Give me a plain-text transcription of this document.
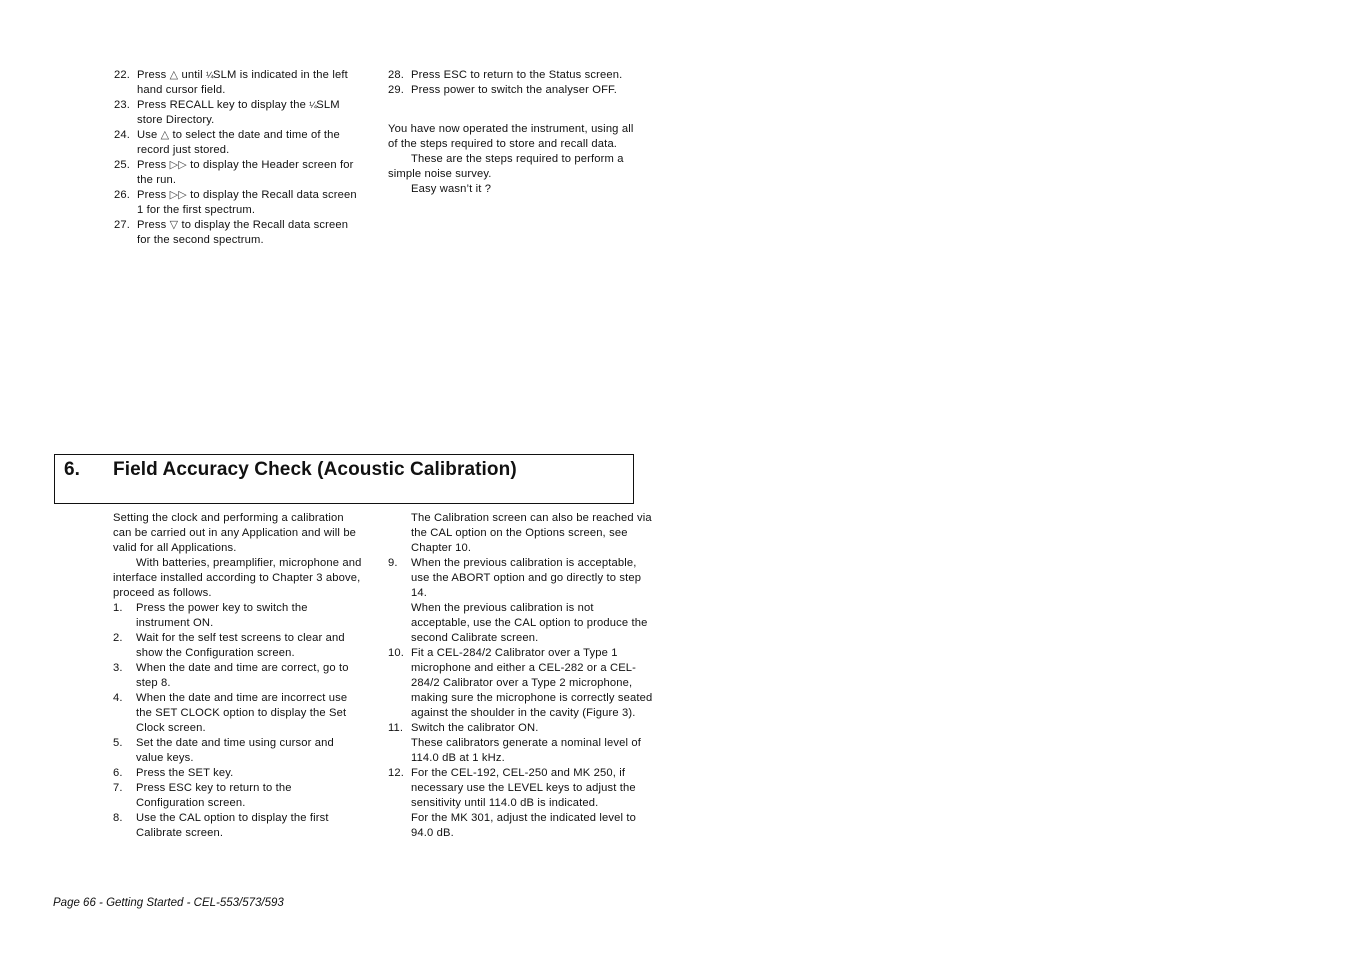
22. Press △ until ¼SLM is indicated in the left hand cursor field.
23. Press RECALL key to display the ¼SLM store Directory.
24. Use △ to select the date and time of the record just stored.
25. Press ▷▷ to display the Header screen for the run.
26. Press ▷▷ to display the Recall data screen 1 for the first spectrum.
27. Press ▽ to display the Recall data screen for the second spectrum.
28. Press ESC to return to the Status screen.
29. Press power to switch the analyser OFF.
You have now operated the instrument, using all of the steps required to store and recall data.
These are the steps required to perform a simple noise survey.
Easy wasn’t it ?
6. Field Accuracy Check (Acoustic Calibration)
Setting the clock and performing a calibration can be carried out in any Application and will be valid for all Applications.
With batteries, preamplifier, microphone and interface installed according to Chapter 3 above, proceed as follows.
1. Press the power key to switch the instrument ON.
2. Wait for the self test screens to clear and show the Configuration screen.
3. When the date and time are correct, go to step 8.
4. When the date and time are incorrect use the SET CLOCK option to display the Set Clock screen.
5. Set the date and time using cursor and value keys.
6. Press the SET key.
7. Press ESC key to return to the Configuration screen.
8. Use the CAL option to display the first Calibrate screen.
The Calibration screen can also be reached via the CAL option on the Options screen, see Chapter 10.
9. When the previous calibration is acceptable, use the ABORT option and go directly to step 14.
When the previous calibration is not acceptable, use the CAL option to produce the second Calibrate screen.
10. Fit a CEL-284/2 Calibrator over a Type 1 microphone and either a CEL-282 or a CEL-284/2 Calibrator over a Type 2 microphone, making sure the microphone is correctly seated against the shoulder in the cavity (Figure 3).
11. Switch the calibrator ON.
These calibrators generate a nominal level of 114.0 dB at 1 kHz.
12. For the CEL-192, CEL-250 and MK 250, if necessary use the LEVEL keys to adjust the sensitivity until 114.0 dB is indicated.
For the MK 301, adjust the indicated level to 94.0 dB.
Page 66 - Getting Started - CEL-553/573/593
